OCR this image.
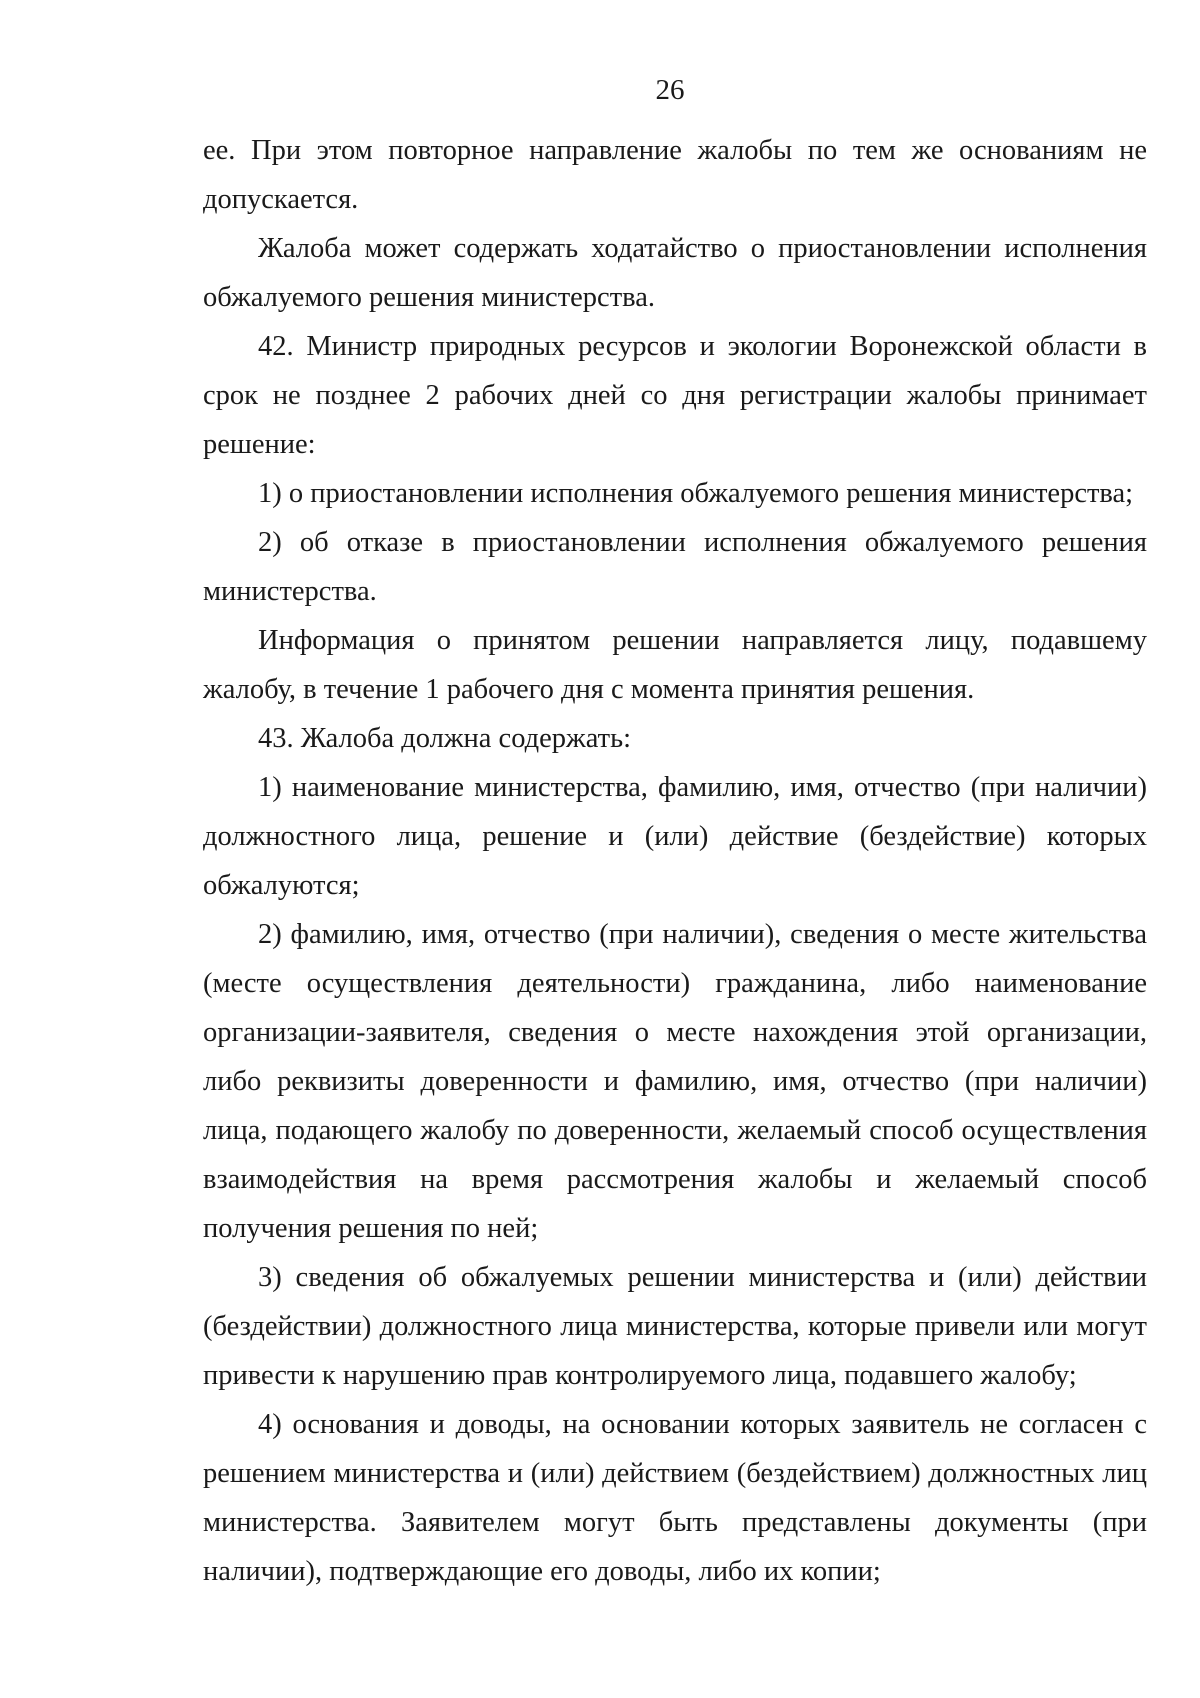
26

ее. При этом повторное направление жалобы по тем же основаниям не допускается.

Жалоба может содержать ходатайство о приостановлении исполнения обжалуемого решения министерства.

42. Министр природных ресурсов и экологии Воронежской области в срок не позднее 2 рабочих дней со дня регистрации жалобы принимает решение:

1) о приостановлении исполнения обжалуемого решения министерства;

2) об отказе в приостановлении исполнения обжалуемого решения министерства.

Информация о принятом решении направляется лицу, подавшему жалобу, в течение 1 рабочего дня с момента принятия решения.

43. Жалоба должна содержать:

1) наименование министерства, фамилию, имя, отчество (при наличии) должностного лица, решение и (или) действие (бездействие) которых обжалуются;

2) фамилию, имя, отчество (при наличии), сведения о месте жительства (месте осуществления деятельности) гражданина, либо наименование организации-заявителя, сведения о месте нахождения этой организации, либо реквизиты доверенности и фамилию, имя, отчество (при наличии) лица, подающего жалобу по доверенности, желаемый способ осуществления взаимодействия на время рассмотрения жалобы и желаемый способ получения решения по ней;

3) сведения об обжалуемых решении министерства и (или) действии (бездействии) должностного лица министерства, которые привели или могут привести к нарушению прав контролируемого лица, подавшего жалобу;

4) основания и доводы, на основании которых заявитель не согласен с решением министерства и (или) действием (бездействием) должностных лиц министерства. Заявителем могут быть представлены документы (при наличии), подтверждающие его доводы, либо их копии;
